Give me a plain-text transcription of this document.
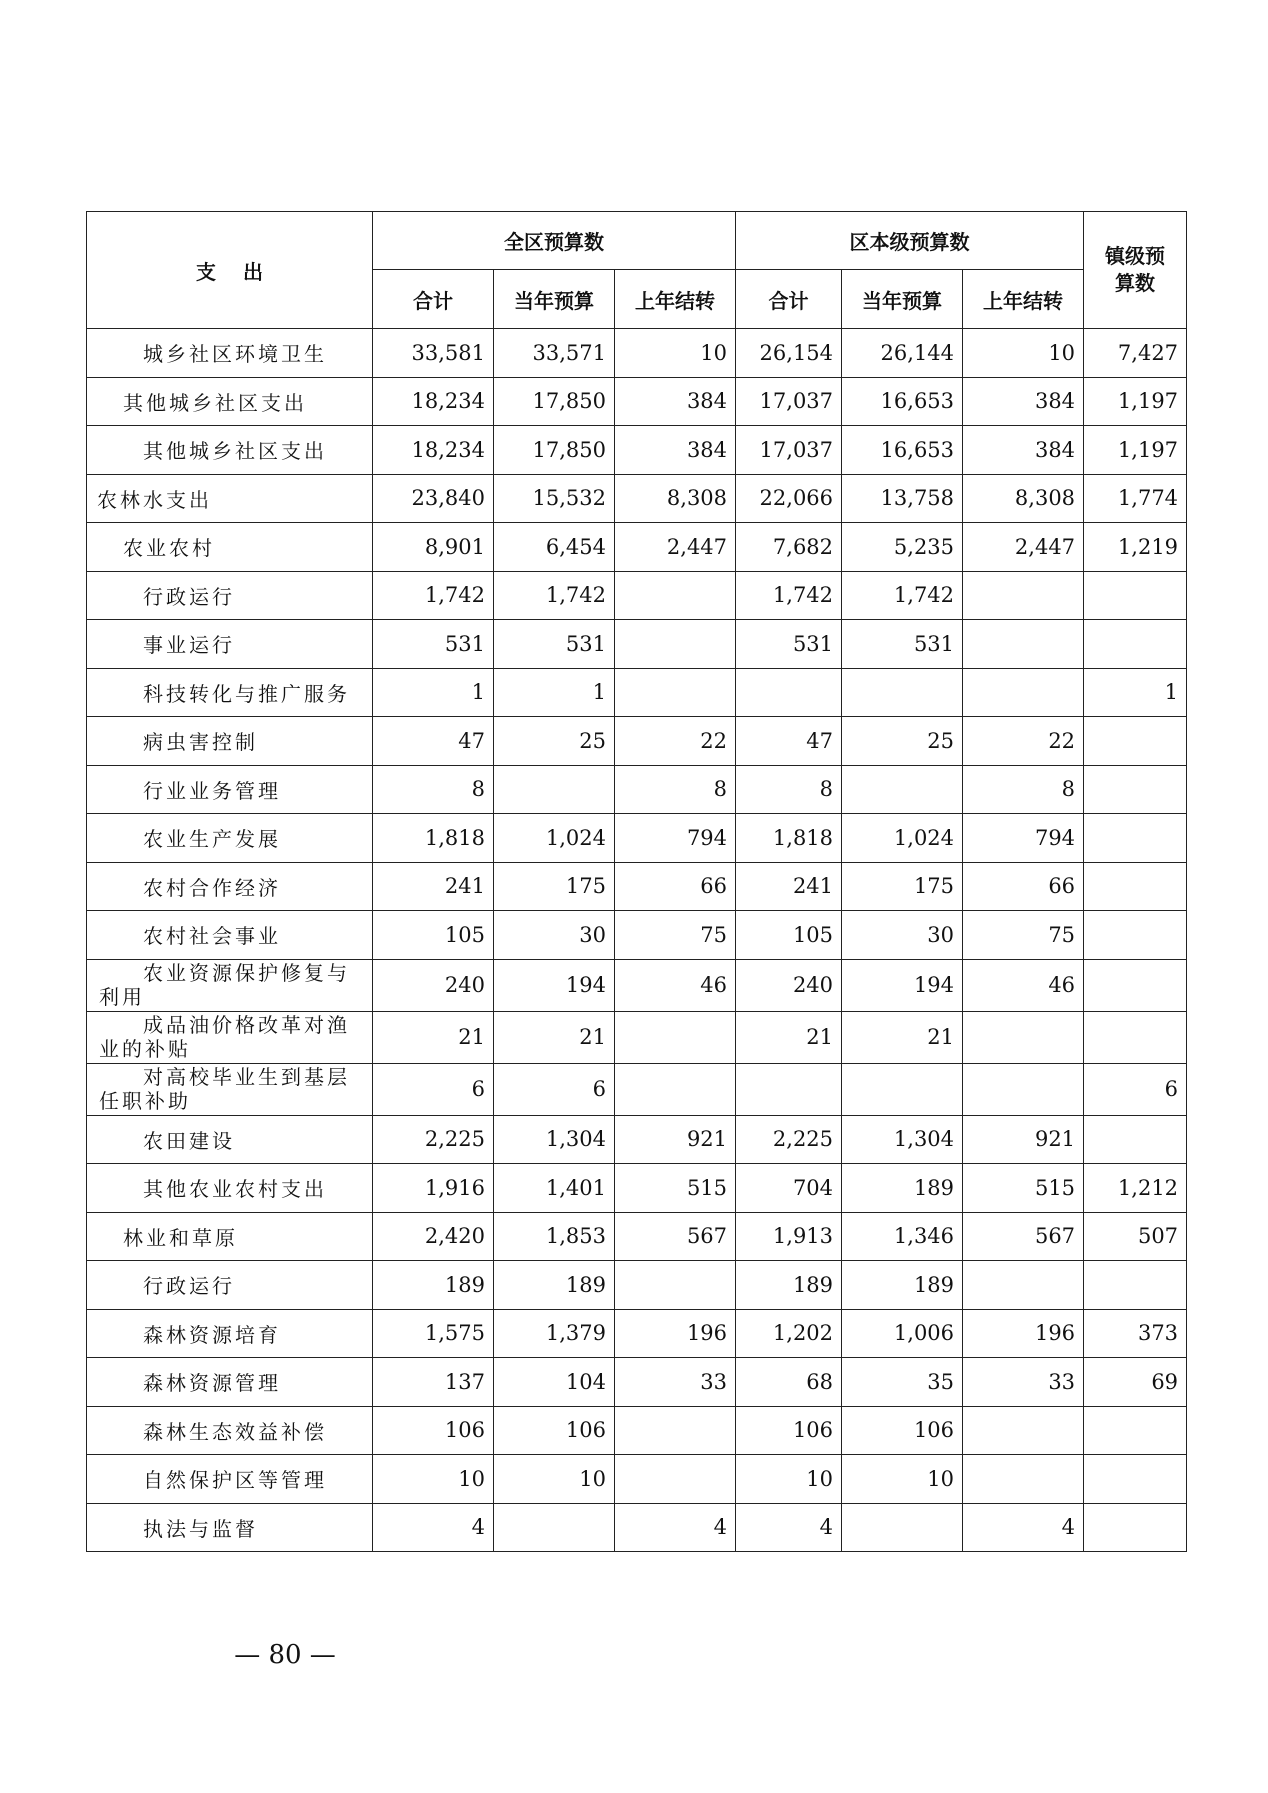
支　 出	全区预算数			区本级预算数			镇级预算数
	合计	当年预算	上年结转	合计	当年预算	上年结转	
城乡社区环境卫生	33,581	33,571	10	26,154	26,144	10	7,427
其他城乡社区支出	18,234	17,850	384	17,037	16,653	384	1,197
其他城乡社区支出	18,234	17,850	384	17,037	16,653	384	1,197
农林水支出	23,840	15,532	8,308	22,066	13,758	8,308	1,774
农业农村	8,901	6,454	2,447	7,682	5,235	2,447	1,219
行政运行	1,742	1,742		1,742	1,742		
事业运行	531	531		531	531		
科技转化与推广服务	1	1					1
病虫害控制	47	25	22	47	25	22	
行业业务管理	8		8	8		8	
农业生产发展	1,818	1,024	794	1,818	1,024	794	
农村合作经济	241	175	66	241	175	66	
农村社会事业	105	30	75	105	30	75	
农业资源保护修复与利用	240	194	46	240	194	46	
成品油价格改革对渔业的补贴	21	21		21	21		
对高校毕业生到基层任职补助	6	6					6
农田建设	2,225	1,304	921	2,225	1,304	921	
其他农业农村支出	1,916	1,401	515	704	189	515	1,212
林业和草原	2,420	1,853	567	1,913	1,346	567	507
行政运行	189	189		189	189		
森林资源培育	1,575	1,379	196	1,202	1,006	196	373
森林资源管理	137	104	33	68	35	33	69
森林生态效益补偿	106	106		106	106		
自然保护区等管理	10	10		10	10		
执法与监督	4		4	4		4	
— 80 —
